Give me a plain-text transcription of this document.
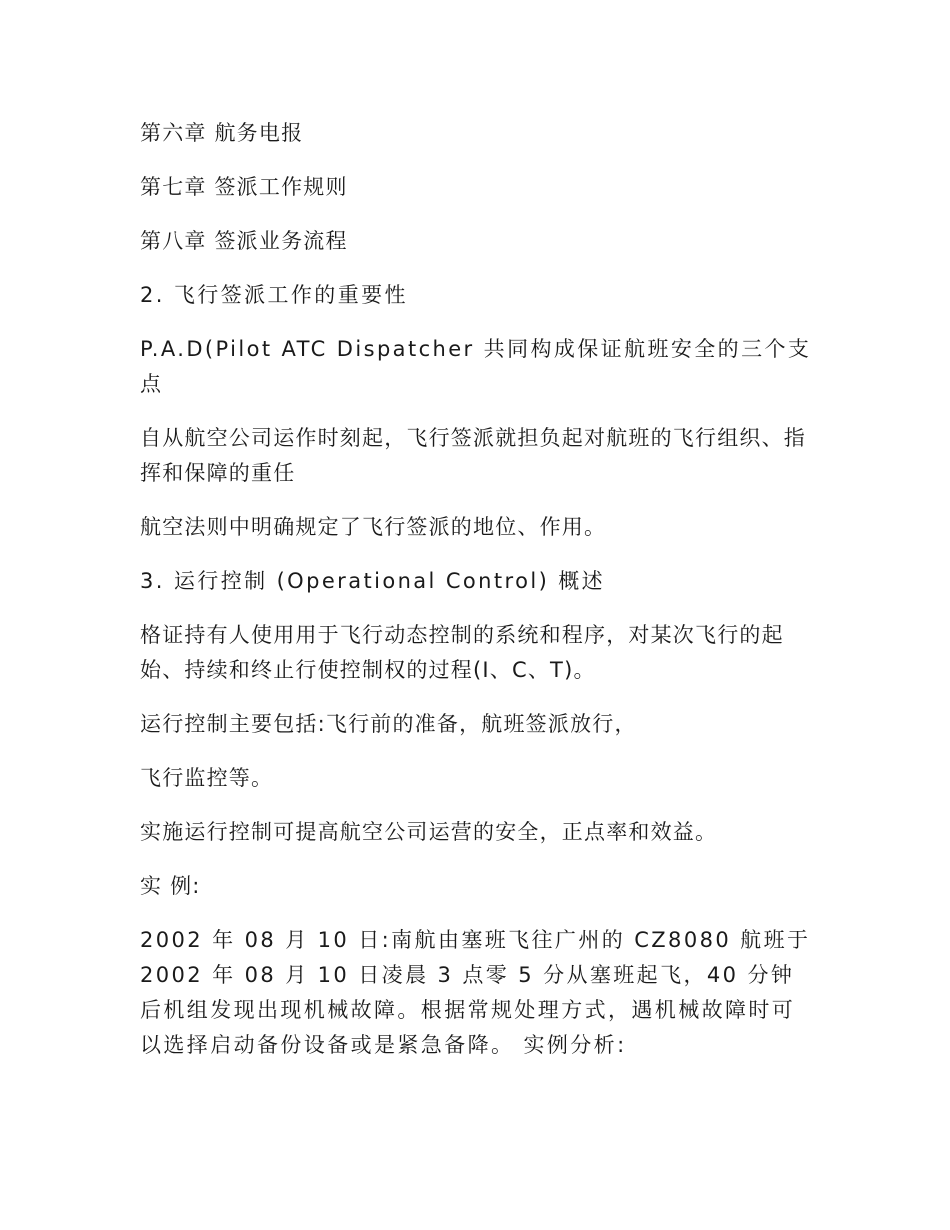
第六章 航务电报

第七章 签派工作规则

第八章 签派业务流程

2. 飞行签派工作的重要性

P.A.D(Pilot ATC Dispatcher 共同构成保证航班安全的三个支点

自从航空公司运作时刻起，飞行签派就担负起对航班的飞行组织、指挥和保障的重任

航空法则中明确规定了飞行签派的地位、作用。

3. 运行控制 (Operational Control) 概述

格证持有人使用用于飞行动态控制的系统和程序，对某次飞行的起始、持续和终止行使控制权的过程(I、C、T)。

运行控制主要包括:飞行前的准备，航班签派放行，

飞行监控等。

实施运行控制可提高航空公司运营的安全，正点率和效益。

实 例:

2002 年 08 月 10 日:南航由塞班飞往广州的 CZ8080 航班于 2002 年 08 月 10 日凌晨 3 点零 5 分从塞班起飞，40 分钟后机组发现出现机械故障。根据常规处理方式，遇机械故障时可以选择启动备份设备或是紧急备降。 实例分析:
